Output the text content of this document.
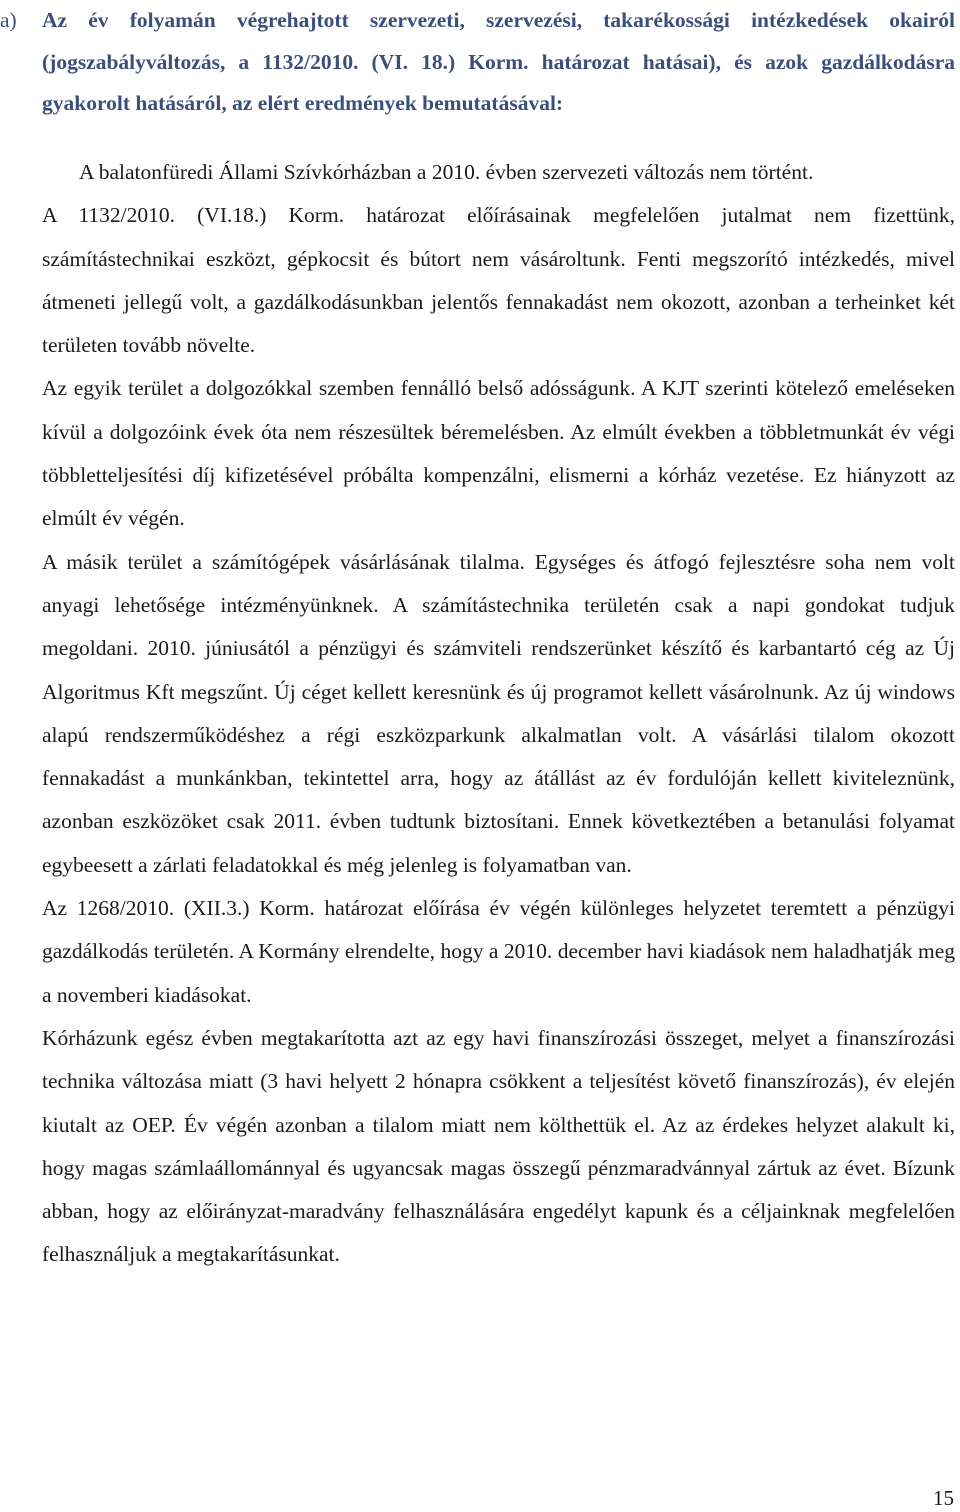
a) Az év folyamán végrehajtott szervezeti, szervezési, takarékossági intézkedések okairól (jogszabályváltozás, a 1132/2010. (VI. 18.) Korm. határozat hatásai), és azok gazdálkodásra gyakorolt hatásáról, az elért eredmények bemutatásával:

A balatonfüredi Állami Szívkórházban a 2010. évben szervezeti változás nem történt.

A 1132/2010. (VI.18.) Korm. határozat előírásainak megfelelően jutalmat nem fizettünk, számítástechnikai eszközt, gépkocsit és bútort nem vásároltunk. Fenti megszorító intézkedés, mivel átmeneti jellegű volt, a gazdálkodásunkban jelentős fennakadást nem okozott, azonban a terheinket két területen tovább növelte.

Az egyik terület a dolgozókkal szemben fennálló belső adósságunk. A KJT szerinti kötelező emeléseken kívül a dolgozóink évek óta nem részesültek béremelésben. Az elmúlt években a többletmunkát év végi többletteljesítési díj kifizetésével próbálta kompenzálni, elismerni a kórház vezetése. Ez hiányzott az elmúlt év végén.

A másik terület a számítógépek vásárlásának tilalma. Egységes és átfogó fejlesztésre soha nem volt anyagi lehetősége intézményünknek. A számítástechnika területén csak a napi gondokat tudjuk megoldani. 2010. júniusától a pénzügyi és számviteli rendszerünket készítő és karbantartó cég az Új Algoritmus Kft megszűnt. Új céget kellett keresnünk és új programot kellett vásárolnunk. Az új windows alapú rendszerműködéshez a régi eszközparkunk alkalmatlan volt. A vásárlási tilalom okozott fennakadást a munkánkban, tekintettel arra, hogy az átállást az év fordulóján kellett kiviteleznünk, azonban eszközöket csak 2011. évben tudtunk biztosítani. Ennek következtében a betanulási folyamat egybeesett a zárlati feladatokkal és még jelenleg is folyamatban van.

Az 1268/2010. (XII.3.) Korm. határozat előírása év végén különleges helyzetet teremtett a pénzügyi gazdálkodás területén. A Kormány elrendelte, hogy a 2010. december havi kiadások nem haladhatják meg a novemberi kiadásokat.

Kórházunk egész évben megtakarította azt az egy havi finanszírozási összeget, melyet a finanszírozási technika változása miatt (3 havi helyett 2 hónapra csökkent a teljesítést követő finanszírozás), év elején kiutalt az OEP. Év végén azonban a tilalom miatt nem költhettük el. Az az érdekes helyzet alakult ki, hogy magas számlaállománnyal és ugyancsak magas összegű pénzmaradvánnyal zártuk az évet. Bízunk abban, hogy az előirányzat-maradvány felhasználására engedélyt kapunk és a céljainknak megfelelően felhasználjuk a megtakarításunkat.

15
